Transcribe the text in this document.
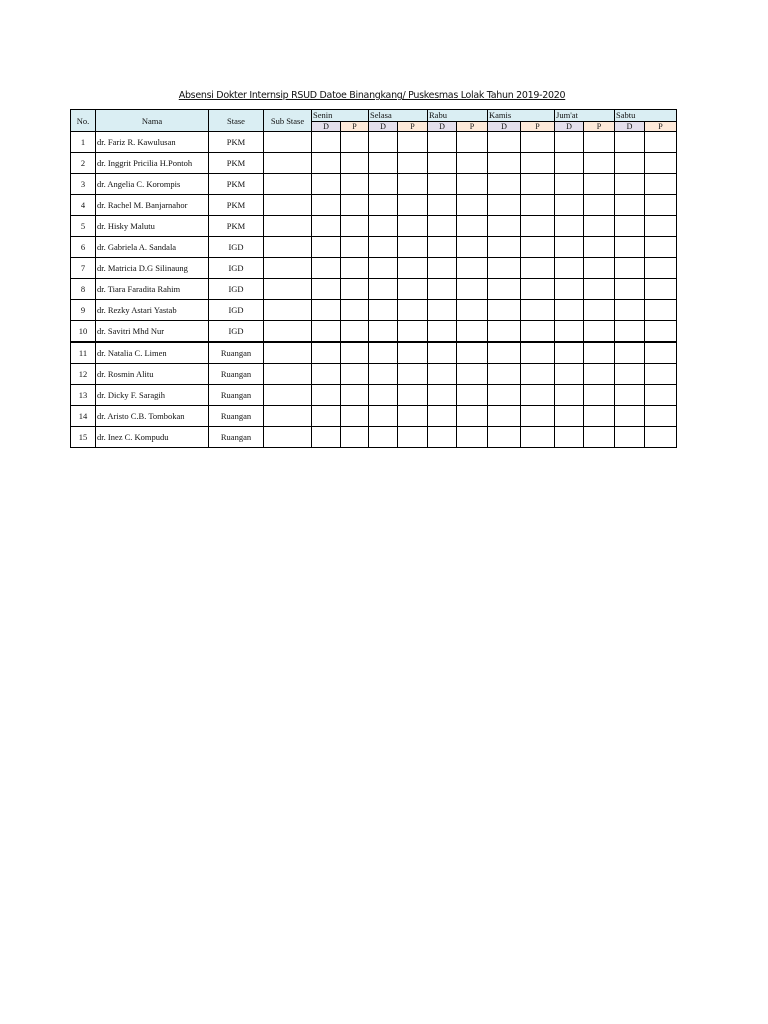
Absensi Dokter Internsip RSUD Datoe Binangkang/ Puskesmas Lolak Tahun 2019-2020
No.	Nama	Stase	Sub Stase	Senin		Selasa		Rabu		Kamis		Jum'at		Sabtu	
				D	P	D	P	D	P	D	P	D	P	D	P
1	dr. Fariz R. Kawulusan	PKM													
2	dr. Inggrit Pricilia H.Pontoh	PKM													
3	dr. Angelia C. Korompis	PKM													
4	dr. Rachel M. Banjarnahor	PKM													
5	dr. Hisky Malutu	PKM													
6	dr. Gabriela A. Sandala	IGD													
7	dr. Matricia D.G Silinaung	IGD													
8	dr. Tiara Faradita Rahim	IGD													
9	dr. Rezky Astari Yastab	IGD													
10	dr. Savitri Mhd Nur	IGD													
11	dr. Natalia C. Limen	Ruangan													
12	dr. Rosmin Alitu	Ruangan													
13	dr. Dicky F. Saragih	Ruangan													
14	dr. Aristo C.B. Tombokan	Ruangan													
15	dr. Inez C. Kompudu	Ruangan													
